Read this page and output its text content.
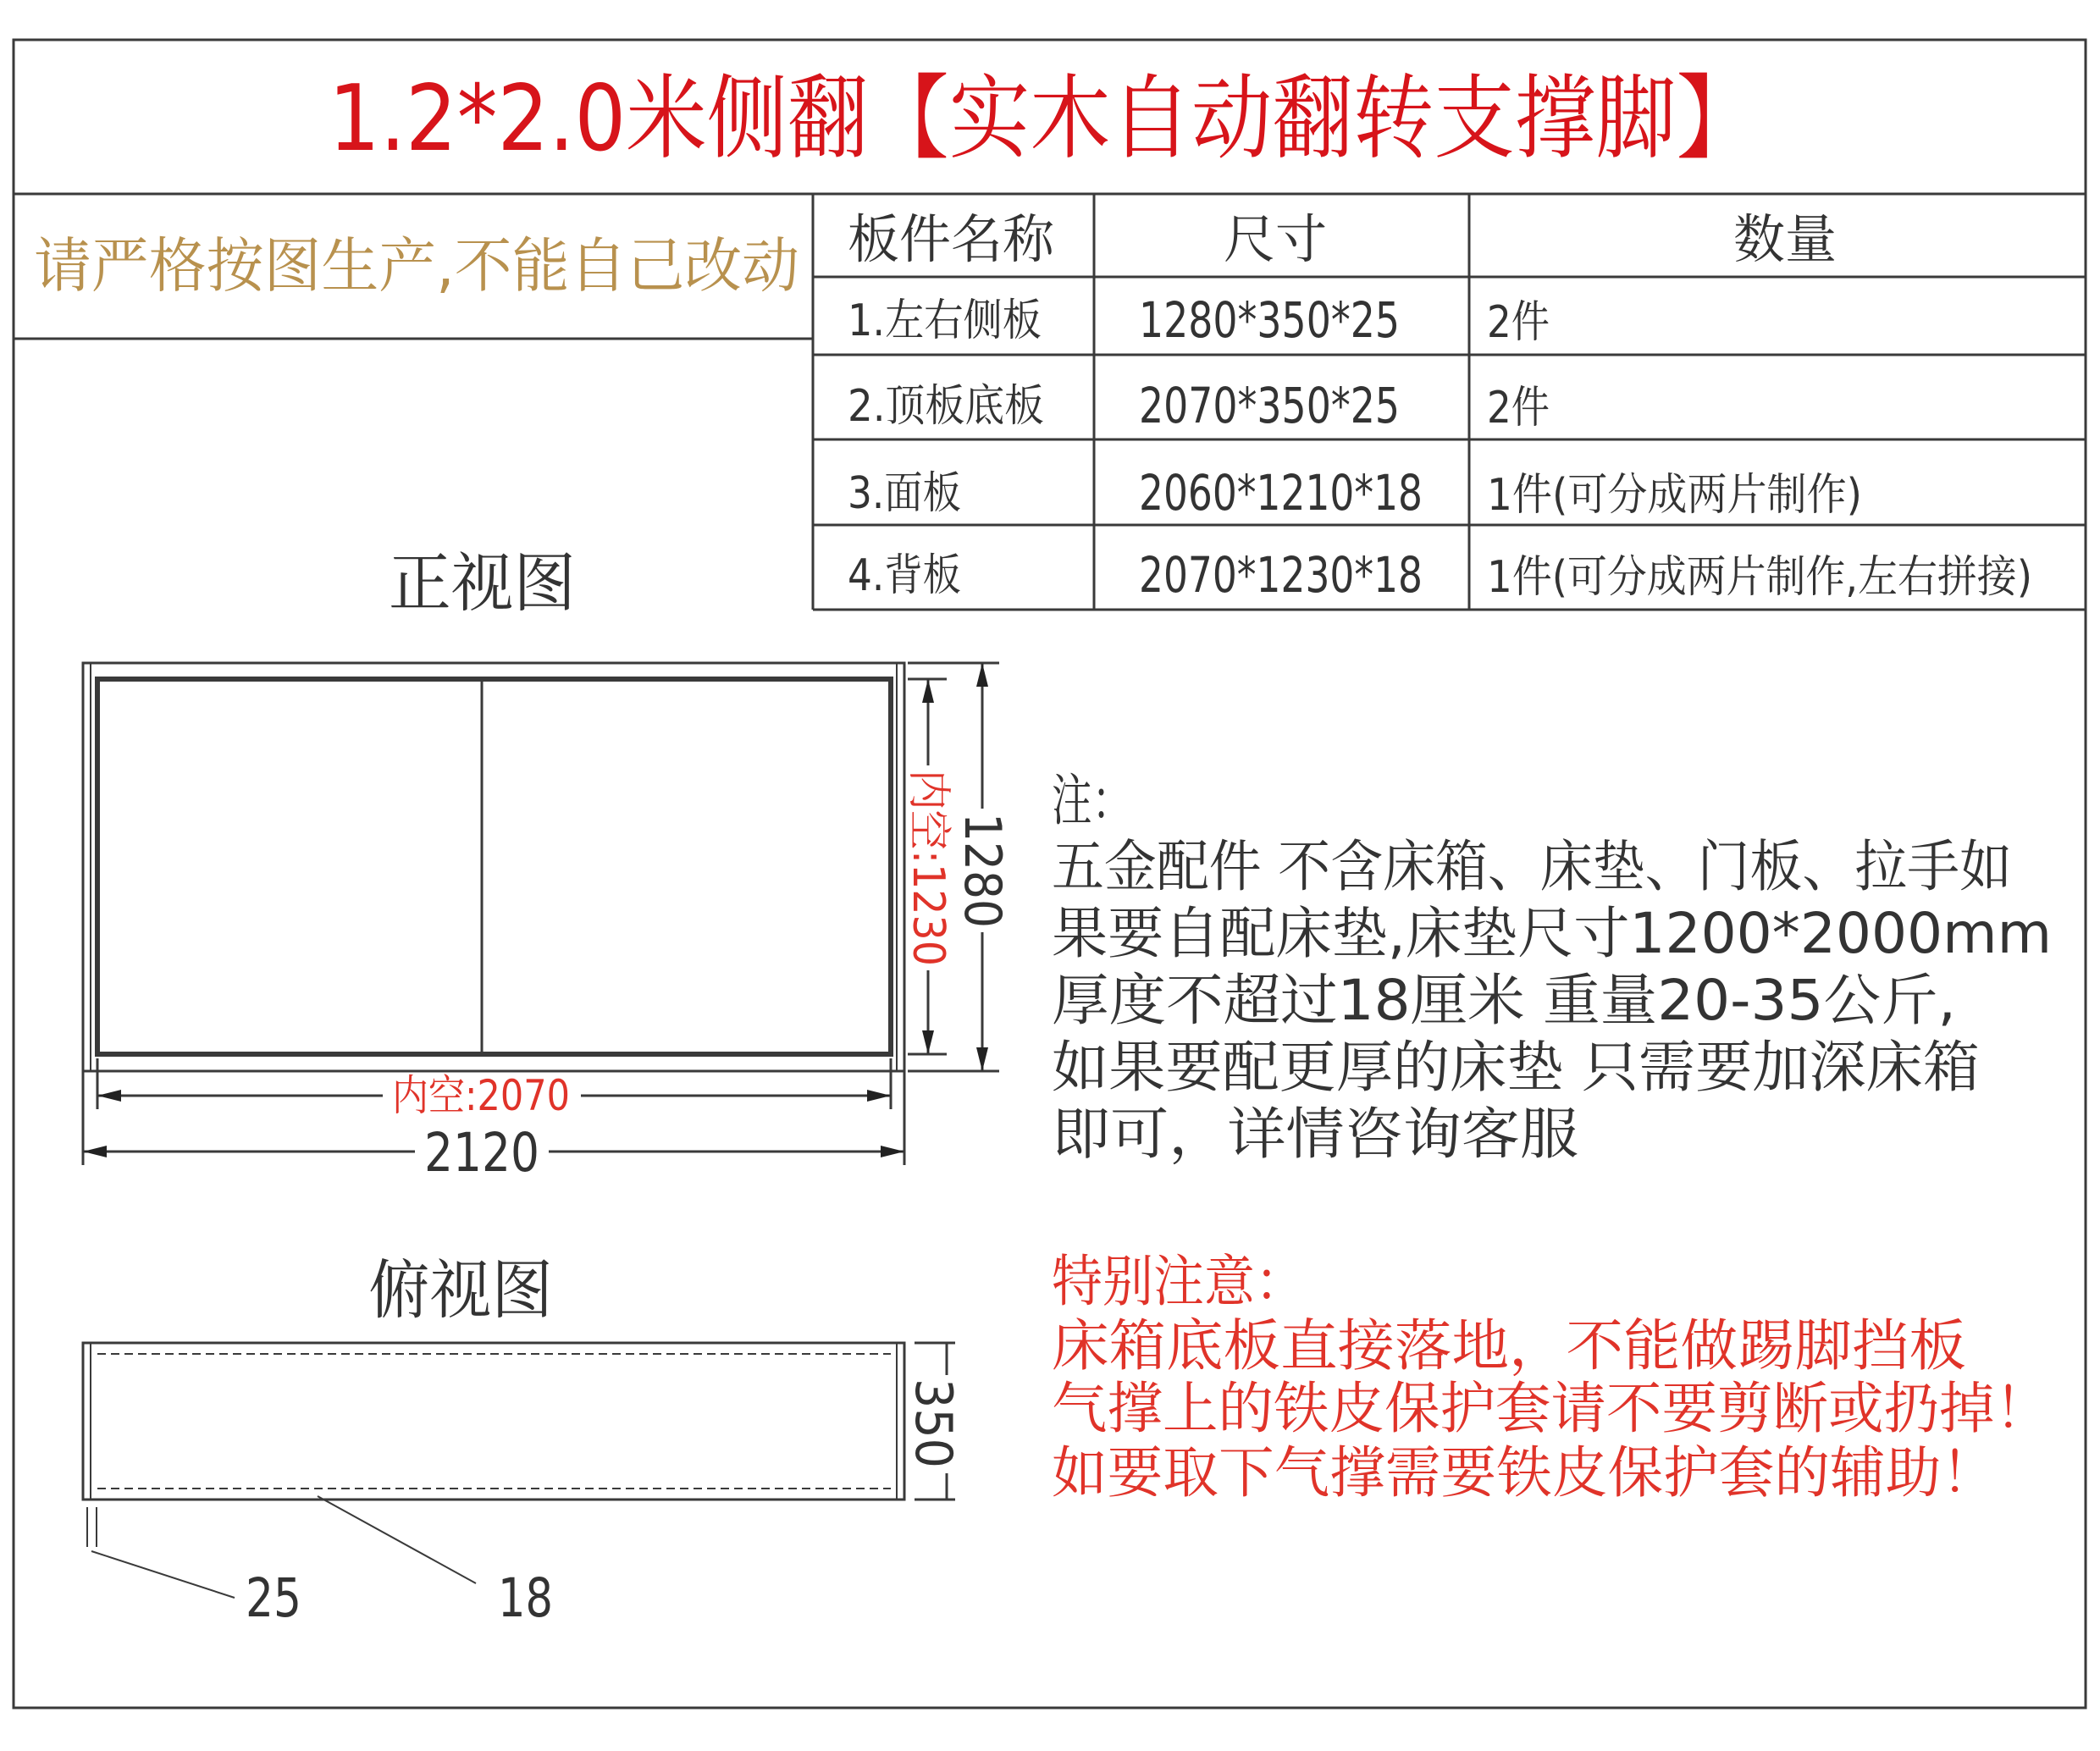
1.2*2.0米侧翻【实木自动翻转支撑脚】
请严格按图生产,不能自己改动 板件名称	尺寸	数量
1.左右侧板 1280*350*25 2件
2.顶板底板 2070*350*25 2件
3.面板	2060*1210*18 1件(可分成两片制作)
4.背板	2070*1230*18 1件(可分成两片制作,左右拼接)
正视图
内空:1230 1280
内空:2070
2120
注：
五金配件 不含床箱、床垫、门板、拉手如
果要自配床垫,床垫尺寸1200*2000mm
厚度不超过18厘米 重量20-35公斤,
如果要配更厚的床垫 只需要加深床箱
即可，详情咨询客服
俯视图
350
25	18
特别注意：
床箱底板直接落地，不能做踢脚挡板
气撑上的铁皮保护套请不要剪断或扔掉！
如要取下气撑需要铁皮保护套的辅助！
